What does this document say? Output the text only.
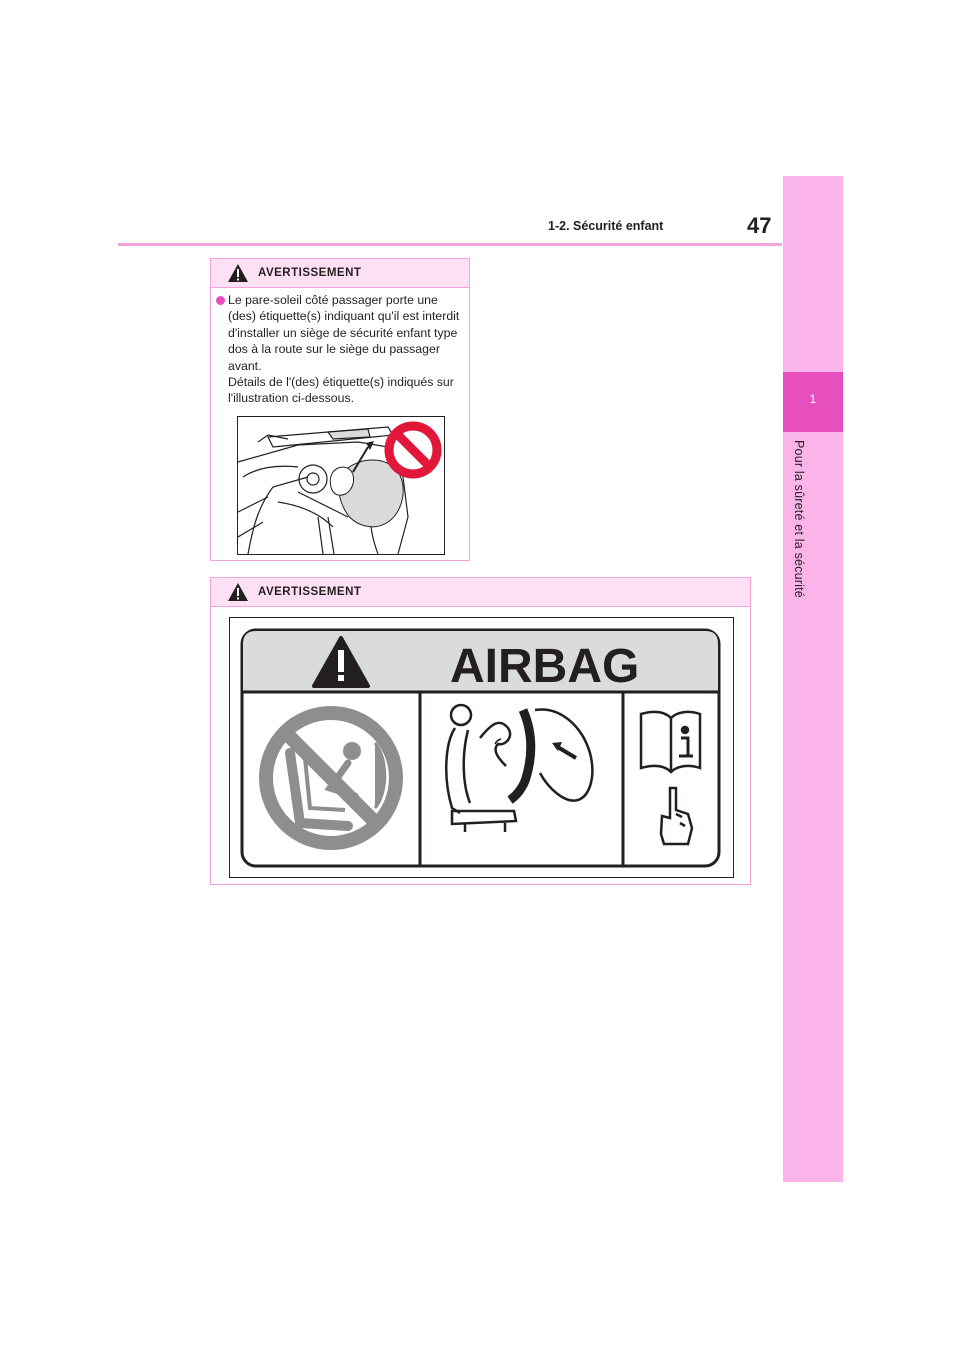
1-2. Sécurité enfant	47
1
Pour la sûreté et la sécurité
AVERTISSEMENT
Le pare-soleil côté passager porte une (des) étiquette(s) indiquant qu'il est interdit d'installer un siège de sécurité enfant type dos à la route sur le siège du passager avant.
Détails de l'(des) étiquette(s) indiqués sur l'illustration ci-dessous.
AVERTISSEMENT
AIRBAG
